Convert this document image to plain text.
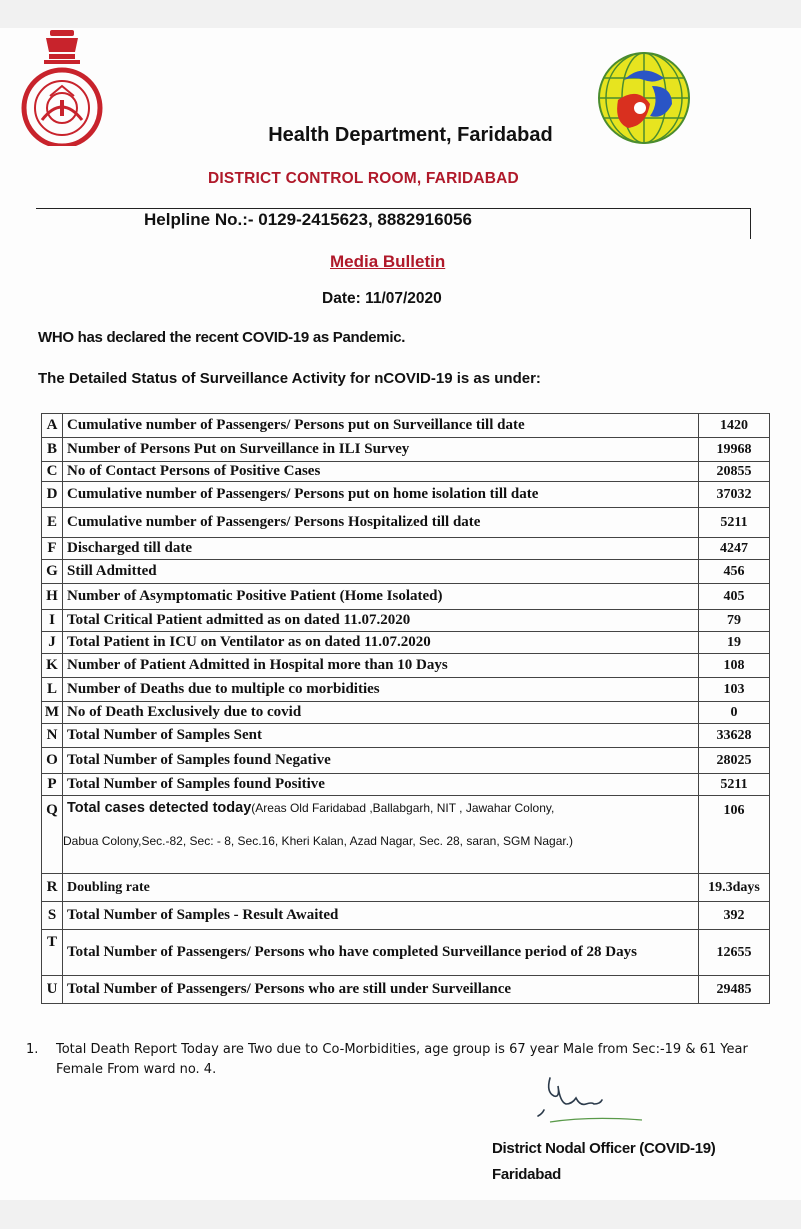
Health Department, Faridabad
DISTRICT CONTROL ROOM, FARIDABAD
Helpline No.:- 0129-2415623, 8882916056
Media Bulletin
Date: 11/07/2020
WHO has declared the recent COVID-19 as Pandemic.
The Detailed Status of Surveillance Activity for nCOVID-19 is as under:
A	Cumulative number of Passengers/ Persons put on Surveillance till date	1420
B	Number of Persons Put on Surveillance in ILI Survey	19968
C	No of Contact Persons of Positive Cases	20855
D	Cumulative number of Passengers/ Persons put on home isolation till date	37032
E	Cumulative number of Passengers/ Persons Hospitalized till date	5211
F	Discharged till date	4247
G	Still Admitted	456
H	Number of Asymptomatic Positive Patient (Home Isolated)	405
I	Total Critical Patient admitted as on dated 11.07.2020	79
J	Total Patient in ICU on Ventilator as on dated 11.07.2020	19
K	Number of Patient Admitted in Hospital more than 10 Days	108
L	Number of Deaths due to multiple co morbidities	103
M	No of Death Exclusively due to covid	0
N	Total Number of Samples Sent	33628
O	Total Number of Samples found Negative	28025
P	Total Number of Samples found Positive	5211
Q	Total cases detected today(Areas Old Faridabad ,Ballabgarh, NIT , Jawahar Colony,
Dabua Colony,Sec.-82, Sec: - 8, Sec.16, Kheri Kalan, Azad Nagar, Sec. 28, saran, SGM Nagar.)	106
R	Doubling rate	19.3days
S	Total Number of Samples - Result Awaited	392
T	Total Number of Passengers/ Persons who have completed Surveillance period of 28 Days	12655
U	Total Number of Passengers/ Persons who are still under Surveillance	29485
1. Total Death Report Today are Two due to Co-Morbidities, age group is 67 year Male from Sec:-19 & 61 Year Female From ward no. 4.
District Nodal Officer (COVID-19)
Faridabad
